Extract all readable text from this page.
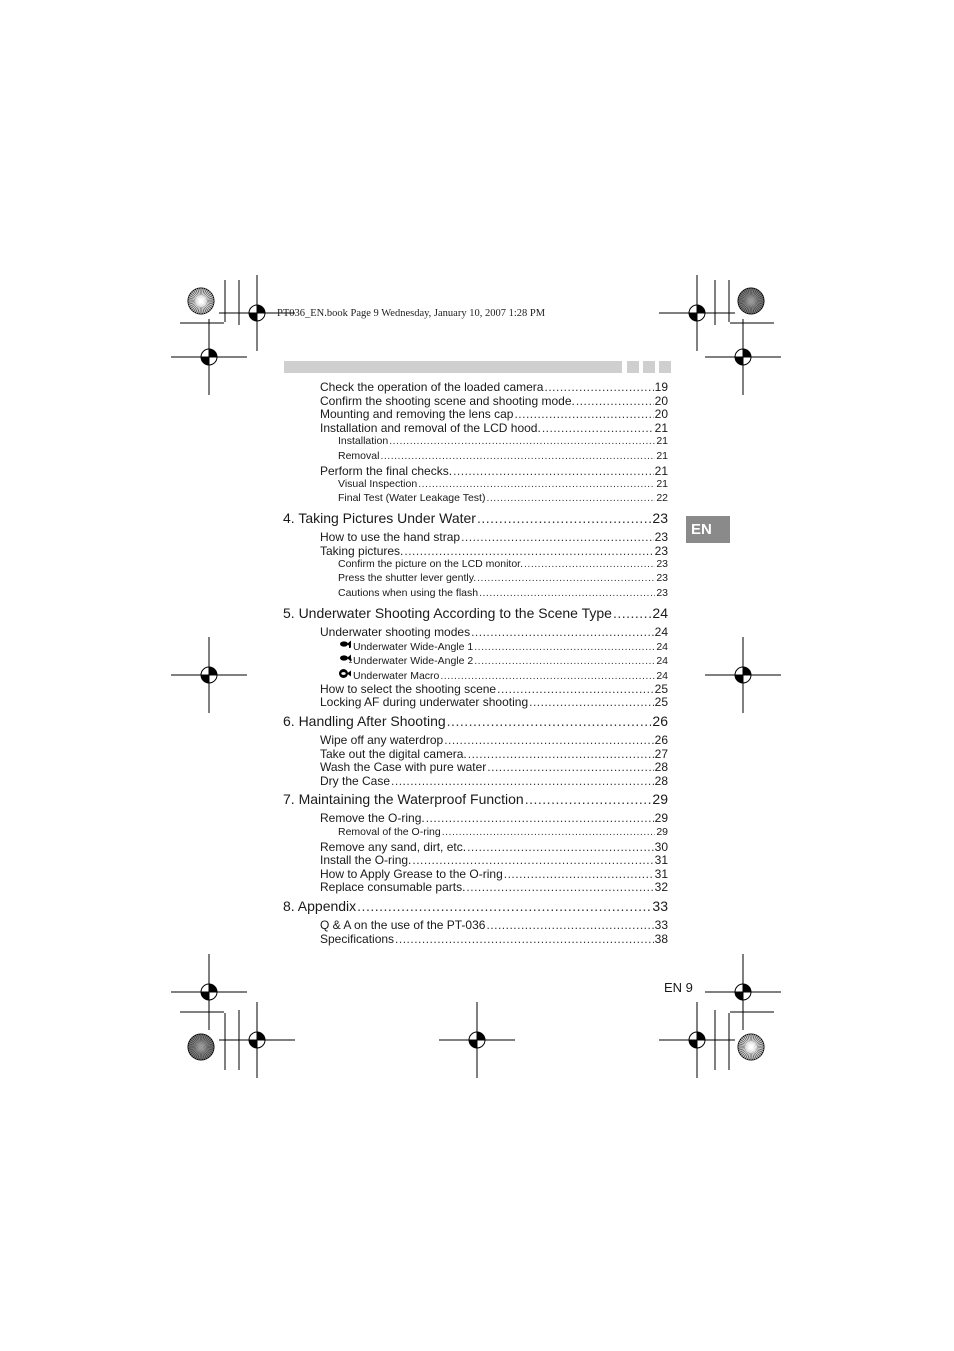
PT036_EN.book Page 9 Wednesday, January 10, 2007 1:28 PM
EN
Check the operation of the loaded camera .....	19
Confirm the shooting scene and shooting mode. .....	20
Mounting and removing the lens cap .....	20
Installation and removal of the LCD hood. .....	21
Installation .....	21
Removal .....	21
Perform the final checks. .....	21
Visual Inspection .....	21
Final Test (Water Leakage Test) .....	22
4. Taking Pictures Under Water .....	23
How to use the hand strap .....	23
Taking pictures. .....	23
Confirm the picture on the LCD monitor. .....	23
Press the shutter lever gently. .....	23
Cautions when using the flash .....	23
5. Underwater Shooting According to the Scene Type .....	24
Underwater shooting modes .....	24
Underwater Wide-Angle 1 .....	24
2 Underwater Wide-Angle 2 .....	24
Underwater Macro .....	24
How to select the shooting scene .....	25
Locking AF during underwater shooting .....	25
6. Handling After Shooting .....	26
Wipe off any waterdrop .....	26
Take out the digital camera. .....	27
Wash the Case with pure water .....	28
Dry the Case .....	28
7. Maintaining the Waterproof Function .....	29
Remove the O-ring. .....	29
Removal of the O-ring .....	29
Remove any sand, dirt, etc. .....	30
Install the O-ring. .....	31
How to Apply Grease to the O-ring .....	31
Replace consumable parts. .....	32
8. Appendix .....	33
Q & A on the use of the PT-036 .....	33
Specifications .....	38
EN 9
